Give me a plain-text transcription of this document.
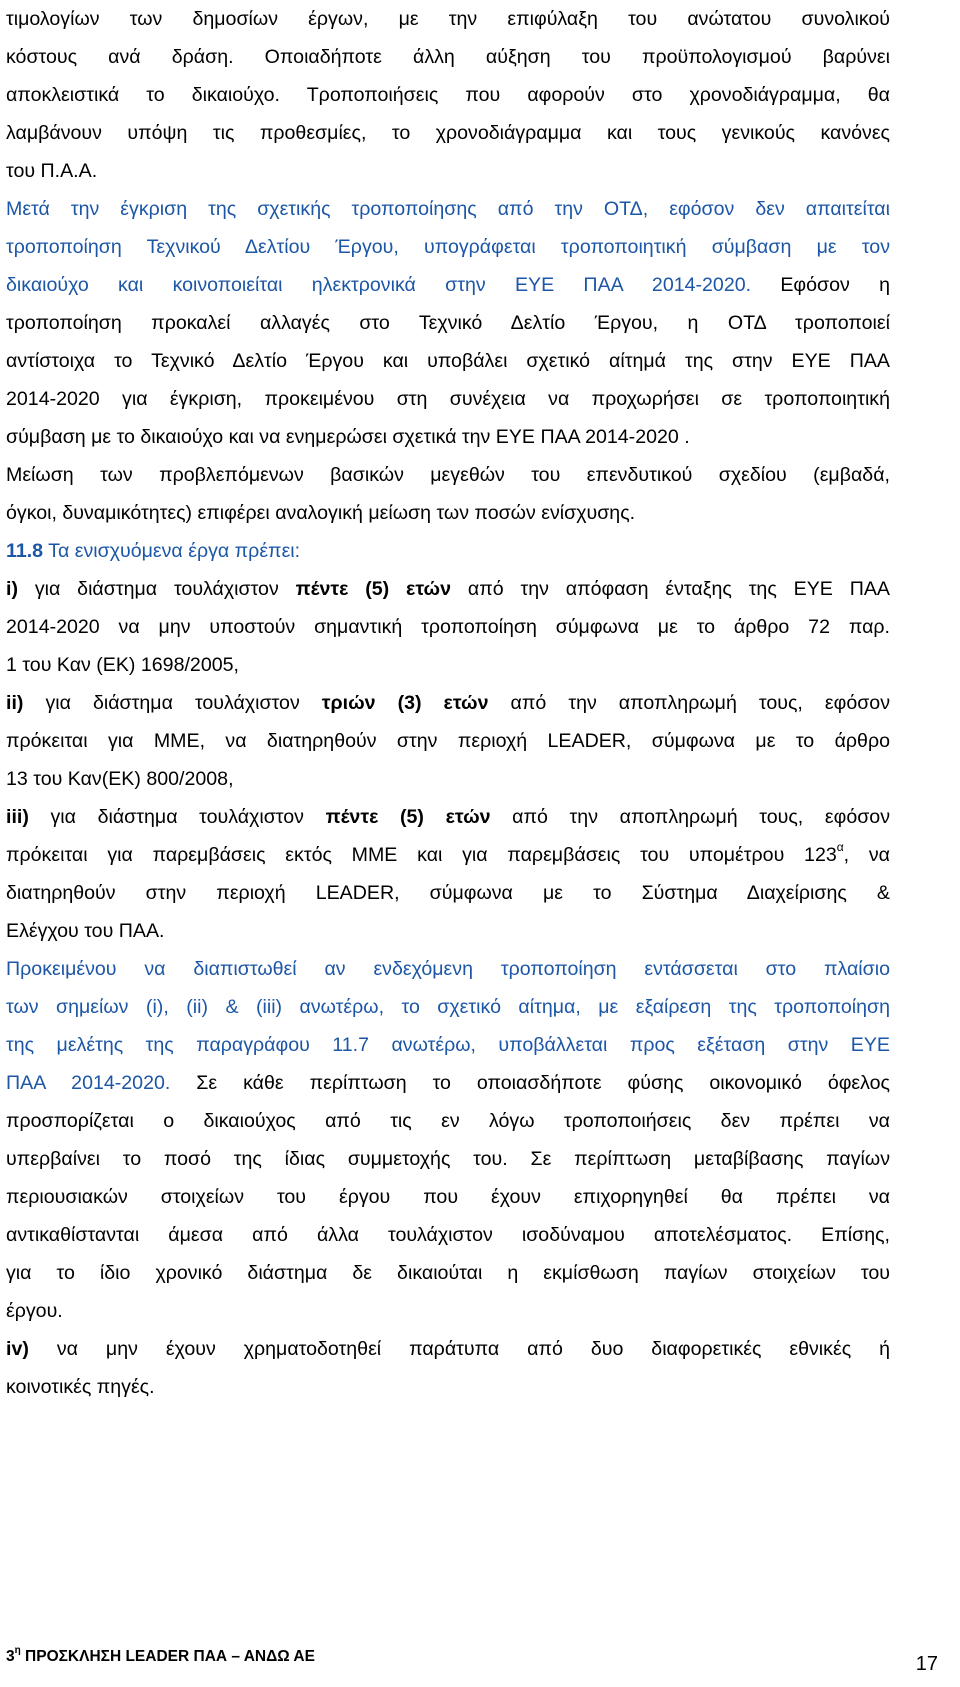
τιμολογίων των δημοσίων έργων, με την επιφύλαξη του ανώτατου συνολικού
κόστους ανά δράση. Οποιαδήποτε άλλη αύξηση του προϋπολογισμού βαρύνει
αποκλειστικά το δικαιούχο. Τροποποιήσεις που αφορούν στο χρονοδιάγραμμα, θα
λαμβάνουν υπόψη τις προθεσμίες, το χρονοδιάγραμμα και τους γενικούς κανόνες
του Π.Α.Α.
Μετά την έγκριση της σχετικής τροποποίησης από την ΟΤΔ, εφόσον δεν απαιτείται
τροποποίηση Τεχνικού Δελτίου Έργου, υπογράφεται τροποποιητική σύμβαση με τον
δικαιούχο και κοινοποιείται ηλεκτρονικά στην ΕΥΕ ΠΑΑ 2014-2020. Εφόσον η
τροποποίηση προκαλεί αλλαγές στο Τεχνικό Δελτίο Έργου, η ΟΤΔ τροποποιεί
αντίστοιχα το Τεχνικό Δελτίο Έργου και υποβάλει σχετικό αίτημά της στην ΕΥΕ ΠΑΑ
2014-2020 για έγκριση, προκειμένου στη συνέχεια να προχωρήσει σε τροποποιητική
σύμβαση με το δικαιούχο και να ενημερώσει σχετικά την ΕΥΕ ΠΑΑ 2014-2020 .
Μείωση των προβλεπόμενων βασικών μεγεθών του επενδυτικού σχεδίου (εμβαδά,
όγκοι, δυναμικότητες) επιφέρει αναλογική μείωση των ποσών ενίσχυσης.
11.8 Τα ενισχυόμενα έργα πρέπει:
i) για διάστημα τουλάχιστον πέντε (5) ετών από την απόφαση ένταξης της ΕΥΕ ΠΑΑ
2014-2020 να μην υποστούν σημαντική τροποποίηση σύμφωνα με το άρθρο 72 παρ.
1 του Καν (ΕΚ) 1698/2005,
ii) για διάστημα τουλάχιστον τριών (3) ετών από την αποπληρωμή τους, εφόσον
πρόκειται για ΜΜΕ, να διατηρηθούν στην περιοχή LEADER, σύμφωνα με το άρθρο
13 του Καν(ΕΚ) 800/2008,
iii) για διάστημα τουλάχιστον πέντε (5) ετών από την αποπληρωμή τους, εφόσον
πρόκειται για παρεμβάσεις εκτός ΜΜΕ και για παρεμβάσεις του υπομέτρου $123^\alpha$, να
διατηρηθούν στην περιοχή LEADER, σύμφωνα με το Σύστημα Διαχείρισης &
Ελέγχου του ΠΑΑ.
Προκειμένου να διαπιστωθεί αν ενδεχόμενη τροποποίηση εντάσσεται στο πλαίσιο
των σημείων (i), (ii) & (iii) ανωτέρω, το σχετικό αίτημα, με εξαίρεση της τροποποίηση
της μελέτης της παραγράφου 11.7 ανωτέρω, υποβάλλεται προς εξέταση στην ΕΥΕ
ΠΑΑ 2014-2020. Σε κάθε περίπτωση το οποιασδήποτε φύσης οικονομικό όφελος
προσπορίζεται ο δικαιούχος από τις εν λόγω τροποποιήσεις δεν πρέπει να
υπερβαίνει το ποσό της ίδιας συμμετοχής του. Σε περίπτωση μεταβίβασης παγίων
περιουσιακών στοιχείων του έργου που έχουν επιχορηγηθεί θα πρέπει να
αντικαθίστανται άμεσα από άλλα τουλάχιστον ισοδύναμου αποτελέσματος. Επίσης,
για το ίδιο χρονικό διάστημα δε δικαιούται η εκμίσθωση παγίων στοιχείων του
έργου.
iv) να μην έχουν χρηματοδοτηθεί παράτυπα από δυο διαφορετικές εθνικές ή
κοινοτικές πηγές.
$3^\eta$ ΠΡΟΣΚΛΗΣΗ LEADER ΠΑΑ – ΑΝΔΩ ΑΕ	17
